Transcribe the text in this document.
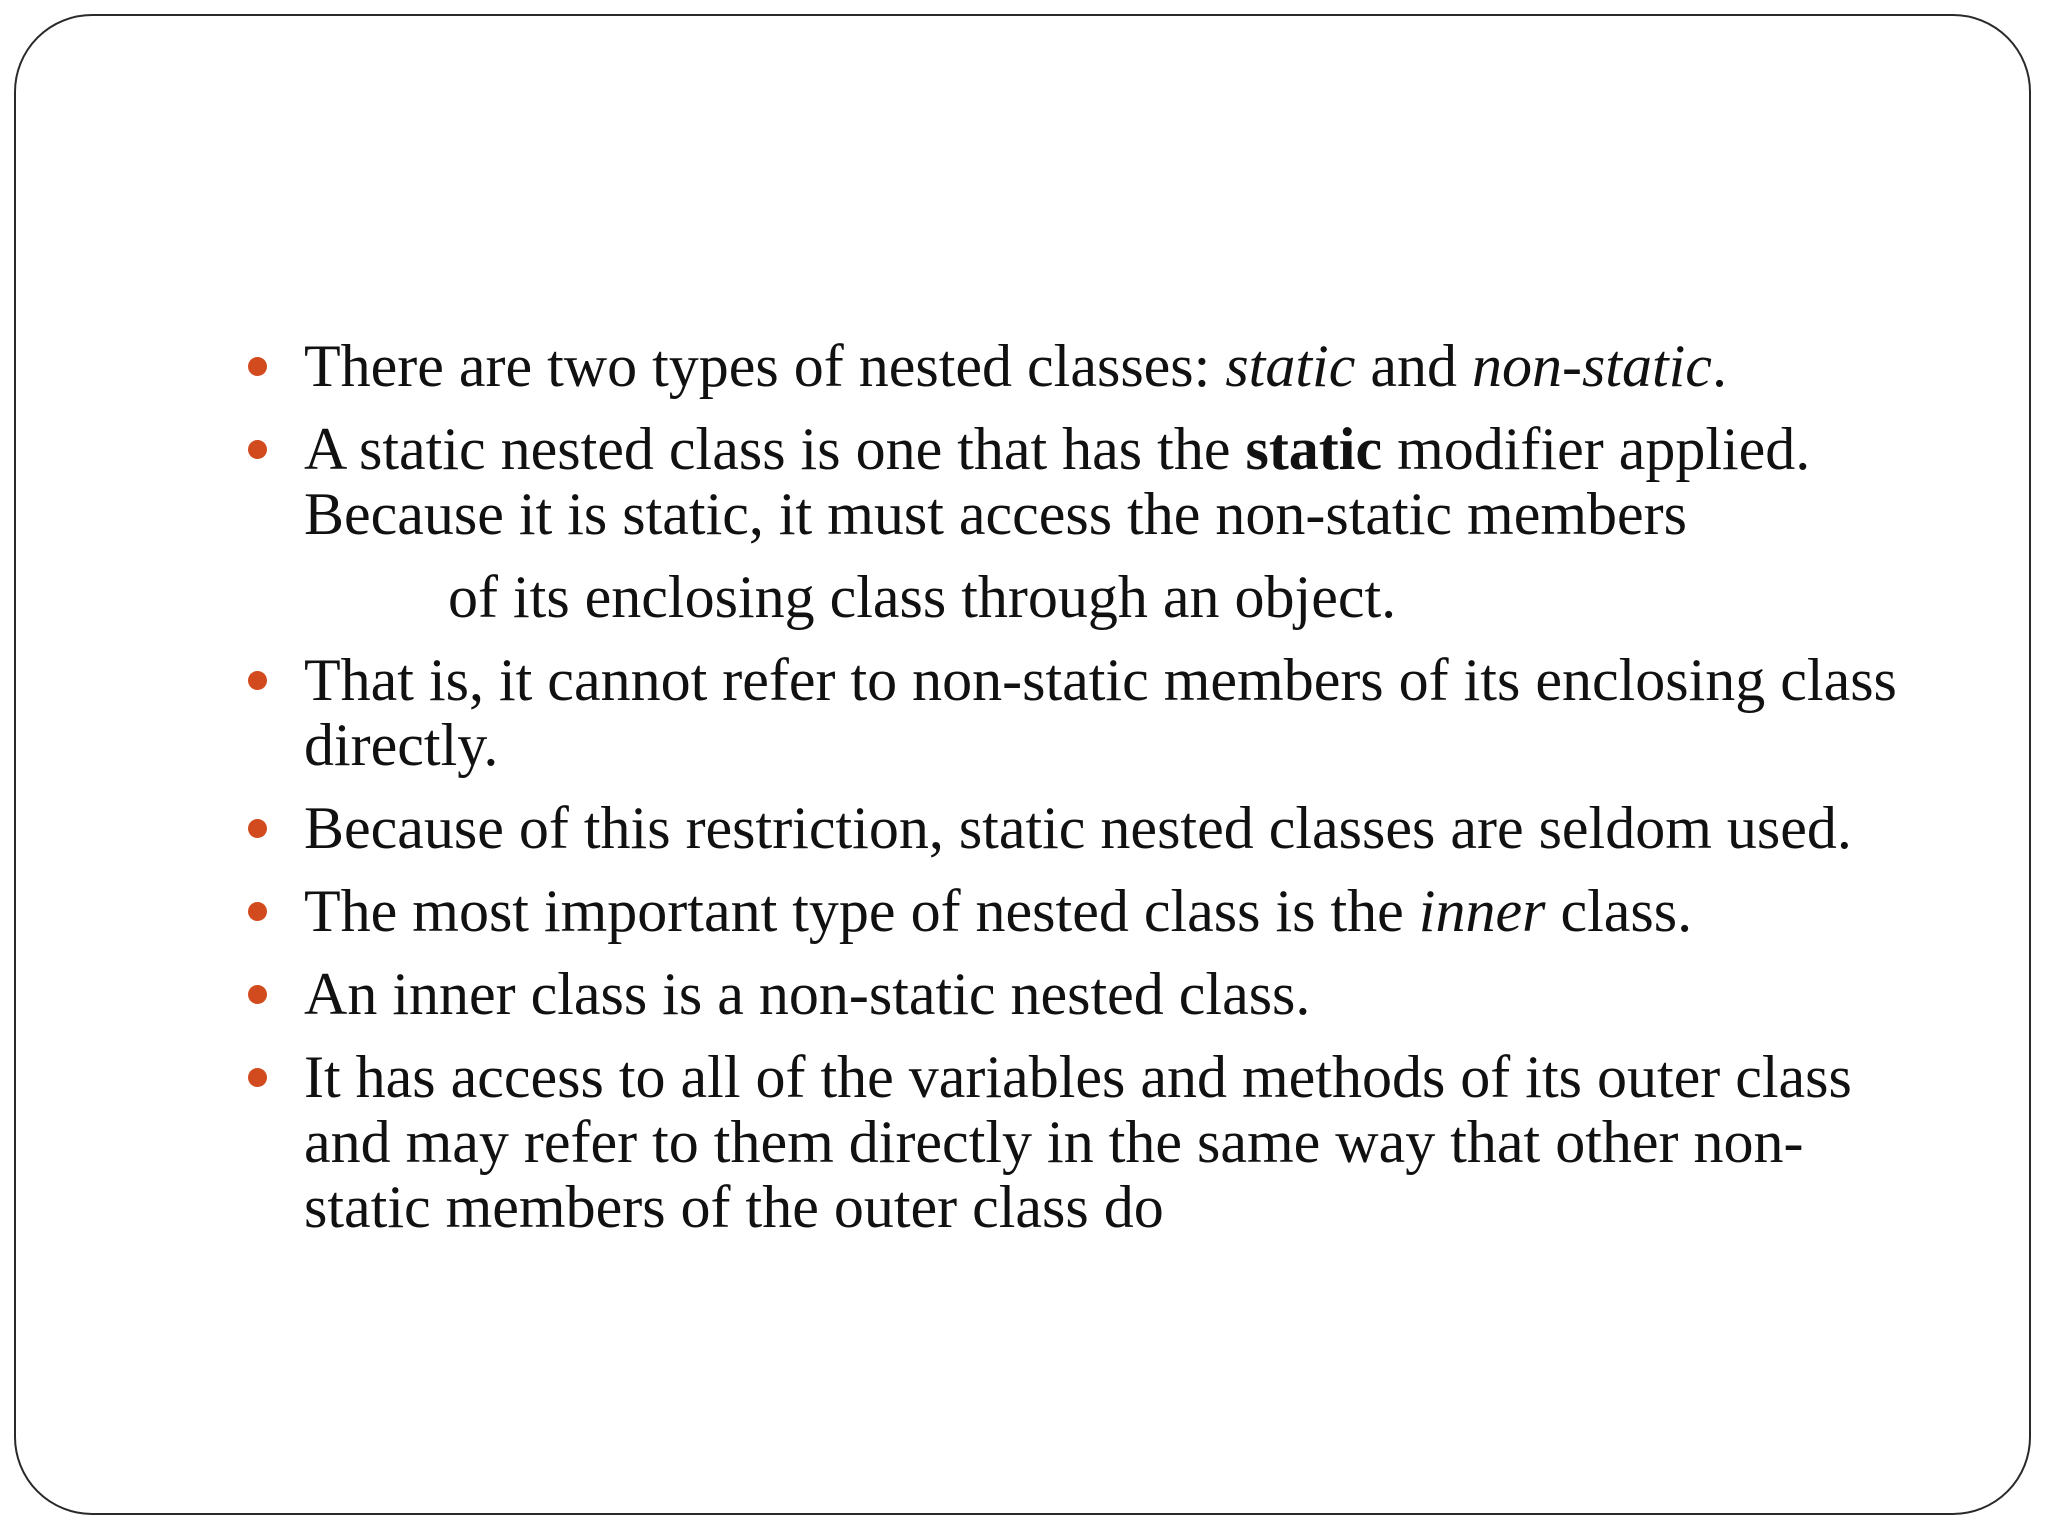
There are two types of nested classes: static and non-static.
A static nested class is one that has the static modifier applied.
Because it is static, it must access the non-static members
of its enclosing class through an object.
That is, it cannot refer to non-static members of its enclosing class
directly.
Because of this restriction, static nested classes are seldom used.
The most important type of nested class is the inner class.
An inner class is a non-static nested class.
It has access to all of the variables and methods of its outer class
and may refer to them directly in the same way that other non-
static members of the outer class do
